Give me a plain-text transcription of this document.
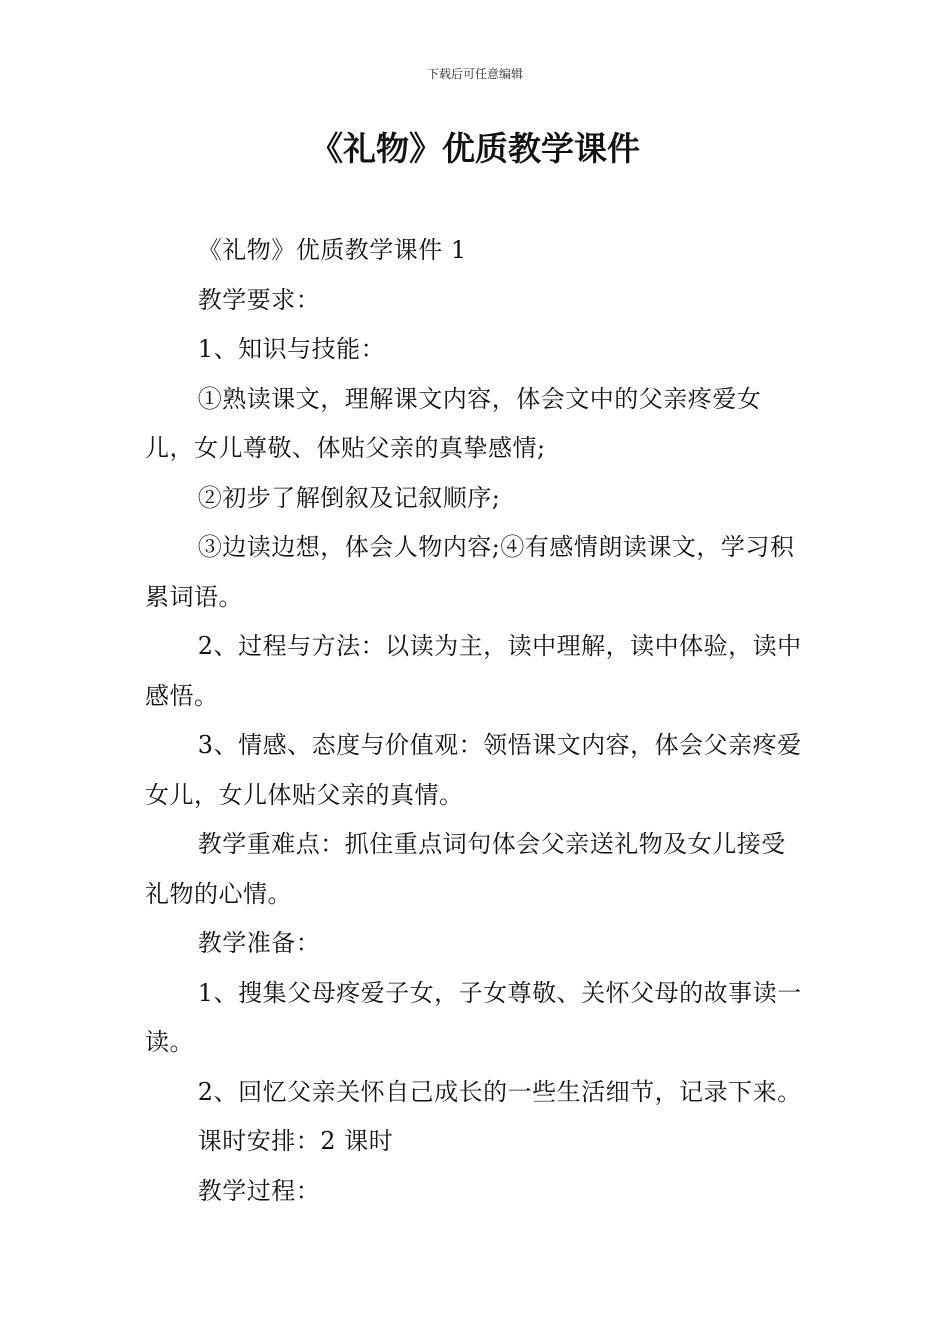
下载后可任意编辑
《礼物》优质教学课件

《礼物》优质教学课件 1

教学要求：

1、知识与技能：

①熟读课文，理解课文内容，体会文中的父亲疼爱女儿，女儿尊敬、体贴父亲的真挚感情;

②初步了解倒叙及记叙顺序;

③边读边想，体会人物内容;④有感情朗读课文，学习积累词语。

2、过程与方法：以读为主，读中理解，读中体验，读中感悟。

3、情感、态度与价值观：领悟课文内容，体会父亲疼爱女儿，女儿体贴父亲的真情。

教学重难点：抓住重点词句体会父亲送礼物及女儿接受礼物的心情。

教学准备：

1、搜集父母疼爱子女，子女尊敬、关怀父母的故事读一读。

2、回忆父亲关怀自己成长的一些生活细节，记录下来。

课时安排：2 课时

教学过程：
